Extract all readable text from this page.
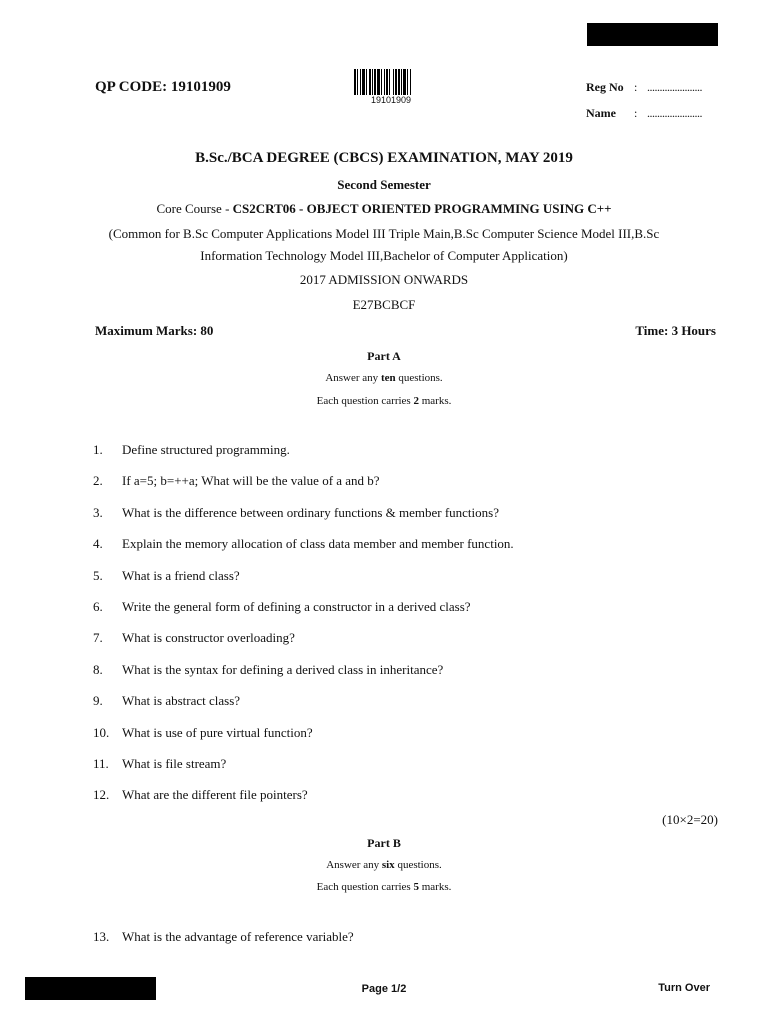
QP CODE: 19101909
19101909
Reg No : ......................
Name : ......................
B.Sc./BCA DEGREE (CBCS) EXAMINATION, MAY 2019
Second Semester
Core Course - CS2CRT06 - OBJECT ORIENTED PROGRAMMING USING C++
(Common for B.Sc Computer Applications Model III Triple Main,B.Sc Computer Science Model III,B.Sc
Information Technology Model III,Bachelor of Computer Application)
2017 ADMISSION ONWARDS
E27BCBCF
Maximum Marks: 80	Time: 3 Hours
Part A
Answer any ten questions.
Each question carries 2 marks.
1. Define structured programming.
2. If a=5; b=++a; What will be the value of a and b?
3. What is the difference between ordinary functions & member functions?
4. Explain the memory allocation of class data member and member function.
5. What is a friend class?
6. Write the general form of defining a constructor in a derived class?
7. What is constructor overloading?
8. What is the syntax for defining a derived class in inheritance?
9. What is abstract class?
10. What is use of pure virtual function?
11. What is file stream?
12. What are the different file pointers?
(10×2=20)
Part B
Answer any six questions.
Each question carries 5 marks.
13. What is the advantage of reference variable?
Page 1/2	Turn Over
